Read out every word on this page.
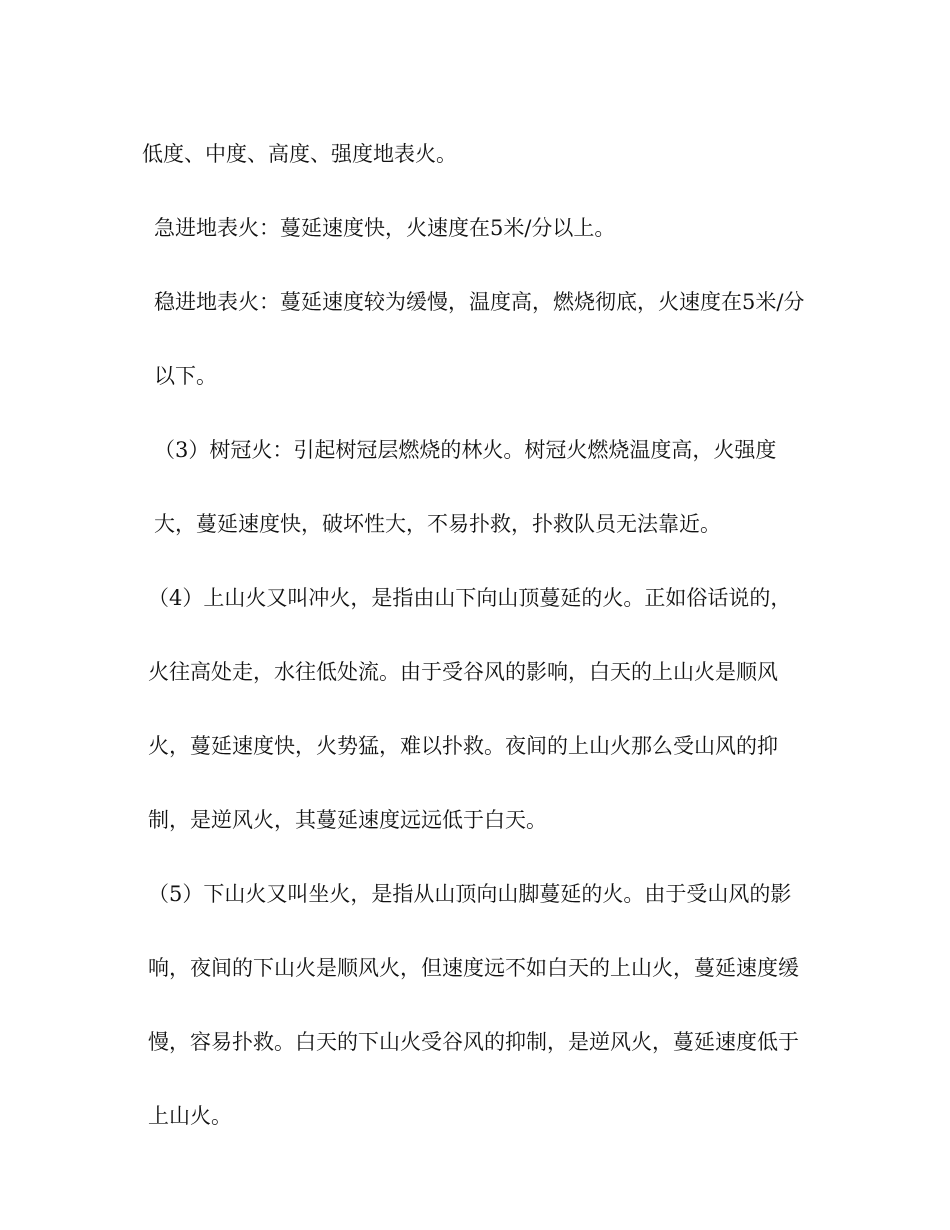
低度、中度、高度、强度地表火。

急进地表火：蔓延速度快，火速度在5米/分以上。

稳进地表火：蔓延速度较为缓慢，温度高，燃烧彻底，火速度在5米/分以下。

（3）树冠火：引起树冠层燃烧的林火。树冠火燃烧温度高，火强度大，蔓延速度快，破坏性大，不易扑救，扑救队员无法靠近。

（4）上山火又叫冲火，是指由山下向山顶蔓延的火。正如俗话说的，火往高处走，水往低处流。由于受谷风的影响，白天的上山火是顺风火，蔓延速度快，火势猛，难以扑救。夜间的上山火那么受山风的抑制，是逆风火，其蔓延速度远远低于白天。

（5）下山火又叫坐火，是指从山顶向山脚蔓延的火。由于受山风的影响，夜间的下山火是顺风火，但速度远不如白天的上山火，蔓延速度缓慢，容易扑救。白天的下山火受谷风的抑制，是逆风火，蔓延速度低于上山火。
